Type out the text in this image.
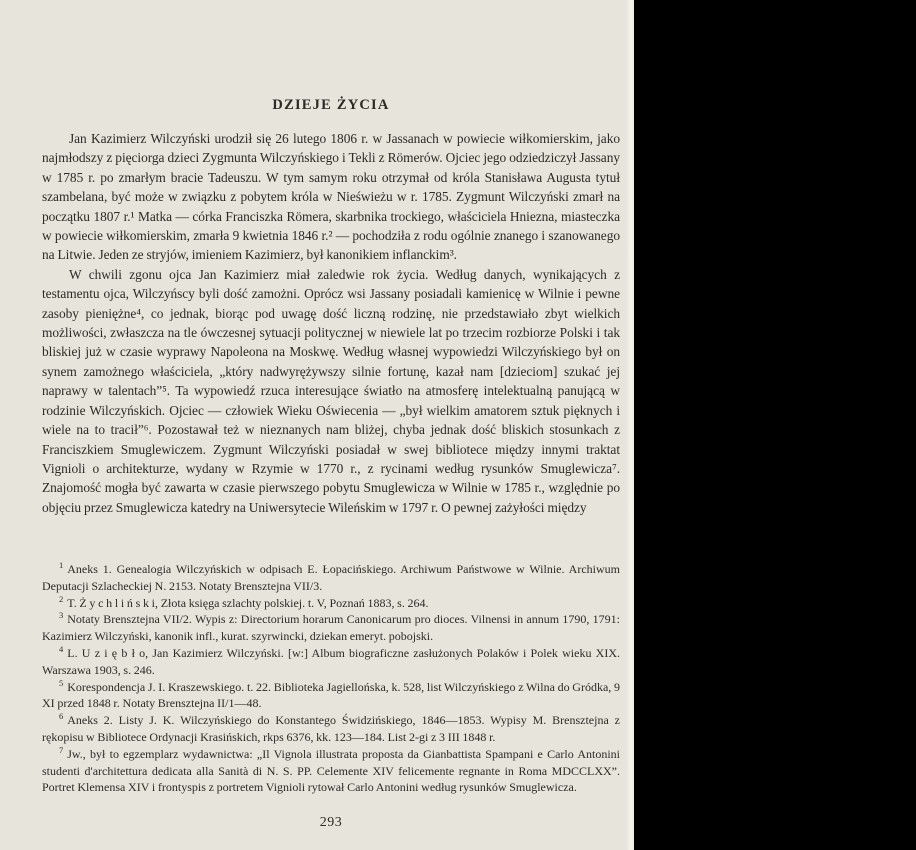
DZIEJE ŻYCIA

Jan Kazimierz Wilczyński urodził się 26 lutego 1806 r. w Jassanach w powiecie wiłkomierskim, jako najmłodszy z pięciorga dzieci Zygmunta Wilczyńskiego i Tekli z Römerów. Ojciec jego odziedziczył Jassany w 1785 r. po zmarłym bracie Tadeuszu. W tym samym roku otrzymał od króla Stanisława Augusta tytuł szambelana, być może w związku z pobytem króla w Nieświeżu w r. 1785. Zygmunt Wilczyński zmarł na początku 1807 r.¹ Matka — córka Franciszka Römera, skarbnika trockiego, właściciela Hniezna, miasteczka w powiecie wiłkomierskim, zmarła 9 kwietnia 1846 r.² — pochodziła z rodu ogólnie znanego i szanowanego na Litwie. Jeden ze stryjów, imieniem Kazimierz, był kanonikiem inflanckim³.

W chwili zgonu ojca Jan Kazimierz miał zaledwie rok życia. Według danych, wynikających z testamentu ojca, Wilczyńscy byli dość zamożni. Oprócz wsi Jassany posiadali kamienicę w Wilnie i pewne zasoby pieniężne⁴, co jednak, biorąc pod uwagę dość liczną rodzinę, nie przedstawiało zbyt wielkich możliwości, zwłaszcza na tle ówczesnej sytuacji politycznej w niewiele lat po trzecim rozbiorze Polski i tak bliskiej już w czasie wyprawy Napoleona na Moskwę. Według własnej wypowiedzi Wilczyńskiego był on synem zamożnego właściciela, „który nadwyrężywszy silnie fortunę, kazał nam [dzieciom] szukać jej naprawy w talentach”⁵. Ta wypowiedź rzuca interesujące światło na atmosferę intelektualną panującą w rodzinie Wilczyńskich. Ojciec — człowiek Wieku Oświecenia — „był wielkim amatorem sztuk pięknych i wiele na to tracił”⁶. Pozostawał też w nieznanych nam bliżej, chyba jednak dość bliskich stosunkach z Franciszkiem Smuglewiczem. Zygmunt Wilczyński posiadał w swej bibliotece między innymi traktat Vignioli o architekturze, wydany w Rzymie w 1770 r., z rycinami według rysunków Smuglewicza⁷. Znajomość mogła być zawarta w czasie pierwszego pobytu Smuglewicza w Wilnie w 1785 r., względnie po objęciu przez Smuglewicza katedry na Uniwersytecie Wileńskim w 1797 r. O pewnej zażyłości między

$^1$ Aneks 1. Genealogia Wilczyńskich w odpisach E. Łopacińskiego. Archiwum Państwowe w Wilnie. Archiwum Deputacji Szlacheckiej N. 2153. Notaty Brensztejna VII/3.

$^2$ T. Ż y c h l i ń s k i, Złota księga szlachty polskiej. t. V, Poznań 1883, s. 264.

$^3$ Notaty Brensztejna VII/2. Wypis z: Directorium horarum Canonicarum pro dioces. Vilnensi in annum 1790, 1791: Kazimierz Wilczyński, kanonik infl., kurat. szyrwincki, dziekan emeryt. pobojski.

$^4$ L. U z i ę b ł o, Jan Kazimierz Wilczyński. [w:] Album biograficzne zasłużonych Polaków i Polek wieku XIX. Warszawa 1903, s. 246.

$^5$ Korespondencja J. I. Kraszewskiego. t. 22. Biblioteka Jagiellońska, k. 528, list Wilczyńskiego z Wilna do Gródka, 9 XI przed 1848 r. Notaty Brensztejna II/1—48.

$^6$ Aneks 2. Listy J. K. Wilczyńskiego do Konstantego Świdzińskiego, 1846—1853. Wypisy M. Brensztejna z rękopisu w Bibliotece Ordynacji Krasińskich, rkps 6376, kk. 123—184. List 2-gi z 3 III 1848 r.

$^7$ Jw., był to egzemplarz wydawnictwa: „Il Vignola illustrata proposta da Gianbattista Spampani e Carlo Antonini studenti d'architettura dedicata alla Sanità di N. S. PP. Celemente XIV felicemente regnante in Roma MDCCLXX”. Portret Klemensa XIV i frontyspis z portretem Vignioli rytował Carlo Antonini według rysunków Smuglewicza.

293
